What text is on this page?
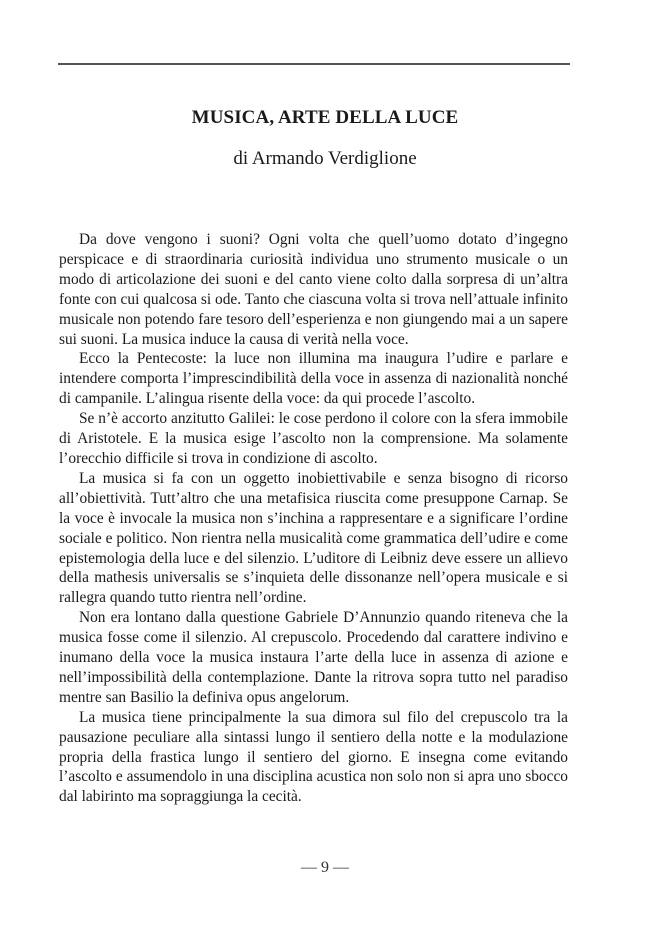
MUSICA, ARTE DELLA LUCE
di Armando Verdiglione

Da dove vengono i suoni? Ogni volta che quell’uomo dotato d’ingegno perspicace e di straordinaria curiosità individua uno strumento musicale o un modo di articolazione dei suoni e del canto viene colto dalla sorpresa di un’altra fonte con cui qualcosa si ode. Tanto che ciascuna volta si trova nell’attuale infinito musicale non potendo fare tesoro dell’esperienza e non giungendo mai a un sapere sui suoni. La musica induce la causa di verità nella voce.

Ecco la Pentecoste: la luce non illumina ma inaugura l’udire e parlare e intendere comporta l’imprescindibilità della voce in assenza di nazionalità nonché di campanile. L’alingua risente della voce: da qui procede l’ascolto.

Se n’è accorto anzitutto Galilei: le cose perdono il colore con la sfera immobile di Aristotele. E la musica esige l’ascolto non la comprensione. Ma solamente l’orecchio difficile si trova in condizione di ascolto.

La musica si fa con un oggetto inobiettivabile e senza bisogno di ricorso all’obiettività. Tutt’altro che una metafisica riuscita come presuppone Carnap. Se la voce è invocale la musica non s’inchina a rappresentare e a significare l’ordine sociale e politico. Non rientra nella musicalità come grammatica dell’udire e come epistemologia della luce e del silenzio. L’uditore di Leibniz deve essere un allievo della mathesis universalis se s’inquieta delle dissonanze nell’opera musicale e si rallegra quando tutto rientra nell’ordine.

Non era lontano dalla questione Gabriele D’Annunzio quando riteneva che la musica fosse come il silenzio. Al crepuscolo. Procedendo dal carattere indivino e inumano della voce la musica instaura l’arte della luce in assenza di azione e nell’impossibilità della contemplazione. Dante la ritrova sopra tutto nel paradiso mentre san Basilio la definiva opus angelorum.

La musica tiene principalmente la sua dimora sul filo del crepuscolo tra la pausazione peculiare alla sintassi lungo il sentiero della notte e la modulazione propria della frastica lungo il sentiero del giorno. E insegna come evitando l’ascolto e assumendolo in una disciplina acustica non solo non si apra uno sbocco dal labirinto ma sopraggiunga la cecità.

— 9 —
